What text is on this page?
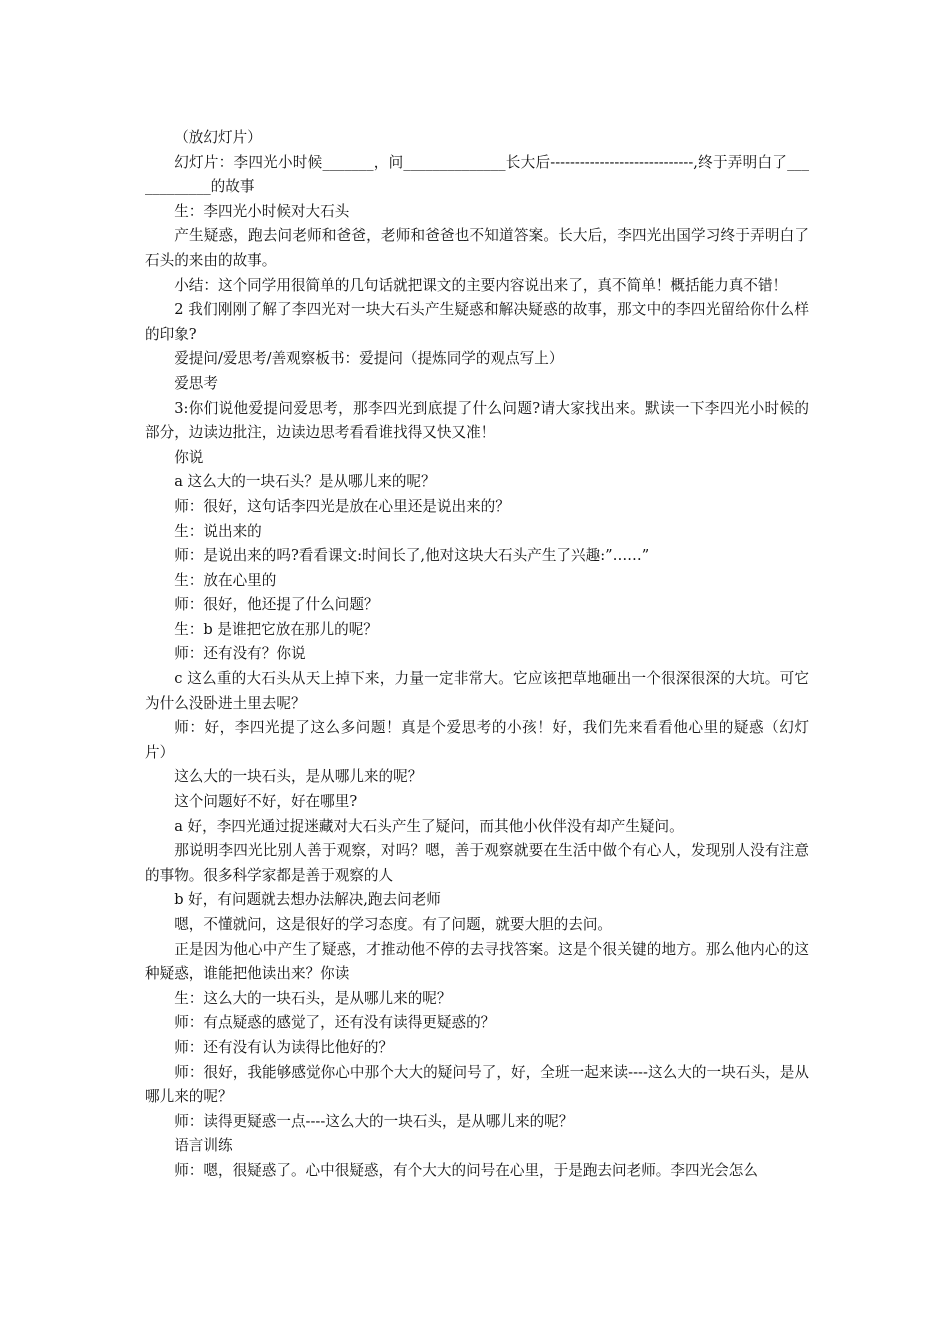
（放幻灯片）

幻灯片：李四光小时候_______，问______________长大后-----------------------------,终于弄明白了____________的故事

生：李四光小时候对大石头

产生疑惑，跑去问老师和爸爸，老师和爸爸也不知道答案。长大后，李四光出国学习终于弄明白了石头的来由的故事。

小结：这个同学用很简单的几句话就把课文的主要内容说出来了，真不简单！概括能力真不错！

2 我们刚刚了解了李四光对一块大石头产生疑惑和解决疑惑的故事，那文中的李四光留给你什么样的印象?

爱提问/爱思考/善观察板书：爱提问（提炼同学的观点写上）

爱思考

3:你们说他爱提问爱思考，那李四光到底提了什么问题?请大家找出来。默读一下李四光小时候的部分，边读边批注，边读边思考看看谁找得又快又准！

你说

a 这么大的一块石头？是从哪儿来的呢？

师：很好，这句话李四光是放在心里还是说出来的？

生：说出来的

师：是说出来的吗?看看课文:时间长了,他对这块大石头产生了兴趣:”……”

生：放在心里的

师：很好，他还提了什么问题？

生：b 是谁把它放在那儿的呢？

师：还有没有？你说

c 这么重的大石头从天上掉下来，力量一定非常大。它应该把草地砸出一个很深很深的大坑。可它为什么没卧进土里去呢？

师：好，李四光提了这么多问题！真是个爱思考的小孩！好，我们先来看看他心里的疑惑（幻灯片）

这么大的一块石头，是从哪儿来的呢？

这个问题好不好，好在哪里?

a 好，李四光通过捉迷藏对大石头产生了疑问，而其他小伙伴没有却产生疑问。

那说明李四光比别人善于观察，对吗？嗯，善于观察就要在生活中做个有心人，发现别人没有注意的事物。很多科学家都是善于观察的人

b 好，有问题就去想办法解决,跑去问老师

嗯，不懂就问，这是很好的学习态度。有了问题，就要大胆的去问。

正是因为他心中产生了疑惑，才推动他不停的去寻找答案。这是个很关键的地方。那么他内心的这种疑惑，谁能把他读出来？你读

生：这么大的一块石头，是从哪儿来的呢？

师：有点疑惑的感觉了，还有没有读得更疑惑的？

师：还有没有认为读得比他好的？

师：很好，我能够感觉你心中那个大大的疑问号了，好，全班一起来读----这么大的一块石头，是从哪儿来的呢？

师：读得更疑惑一点----这么大的一块石头，是从哪儿来的呢？

语言训练

师：嗯，很疑惑了。心中很疑惑，有个大大的问号在心里，于是跑去问老师。李四光会怎么
